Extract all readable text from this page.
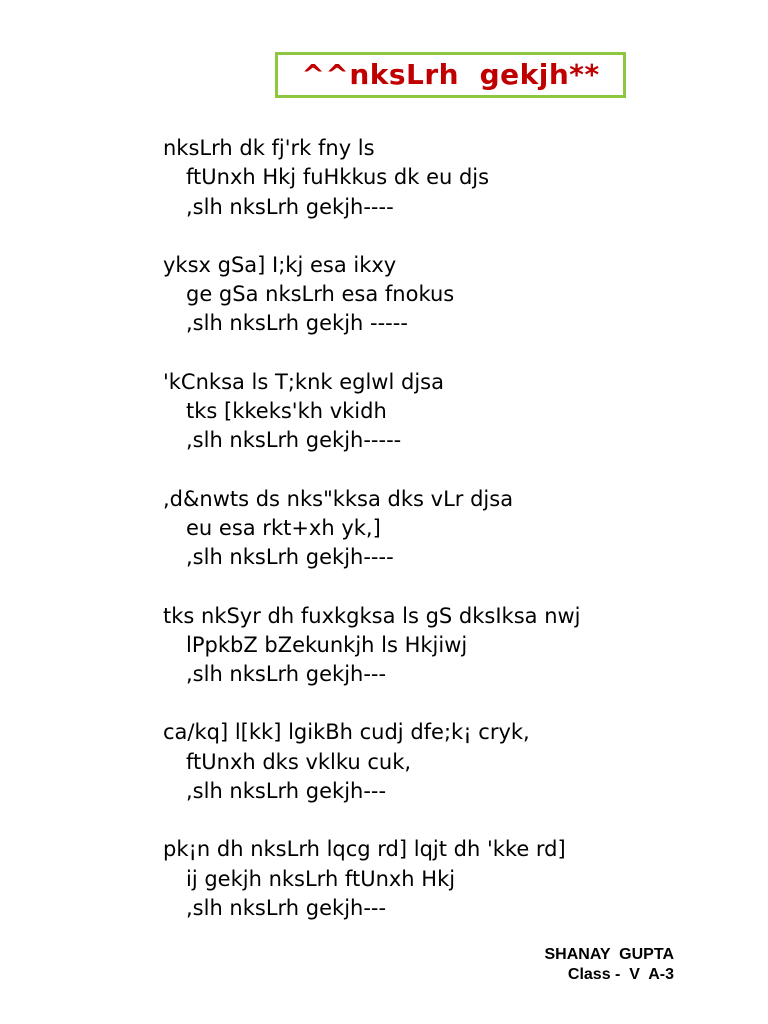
^^nksLrh  gekjh**
nksLrh dk fj'rk fny ls
ftUnxh Hkj fuHkkus dk eu djs
,slh nksLrh gekjh----
yksx gSa] I;kj esa ikxy
ge gSa nksLrh esa fnokus
,slh nksLrh gekjh -----
'kCnksa ls T;knk eglwl djsa
tks [kkeks'kh vkidh
,slh nksLrh gekjh-----
,d&nwts ds nks"kksa dks vLr djsa
eu esa rkt+xh yk,]
,slh nksLrh gekjh----
tks nkSyr dh fuxkgksa ls gS dksIksa nwj
lPpkbZ bZekunkjh ls Hkjiwj
,slh nksLrh gekjh---
ca/kq] l[kk] lgikBh cudj dfe;k¡ cryk,
ftUnxh dks vklku cuk,
,slh nksLrh gekjh---
pk¡n dh nksLrh lqcg rd] lqjt dh 'kke rd]
ij gekjh nksLrh ftUnxh Hkj
,slh nksLrh gekjh---
SHANAY  GUPTA
Class -  V  A-3
